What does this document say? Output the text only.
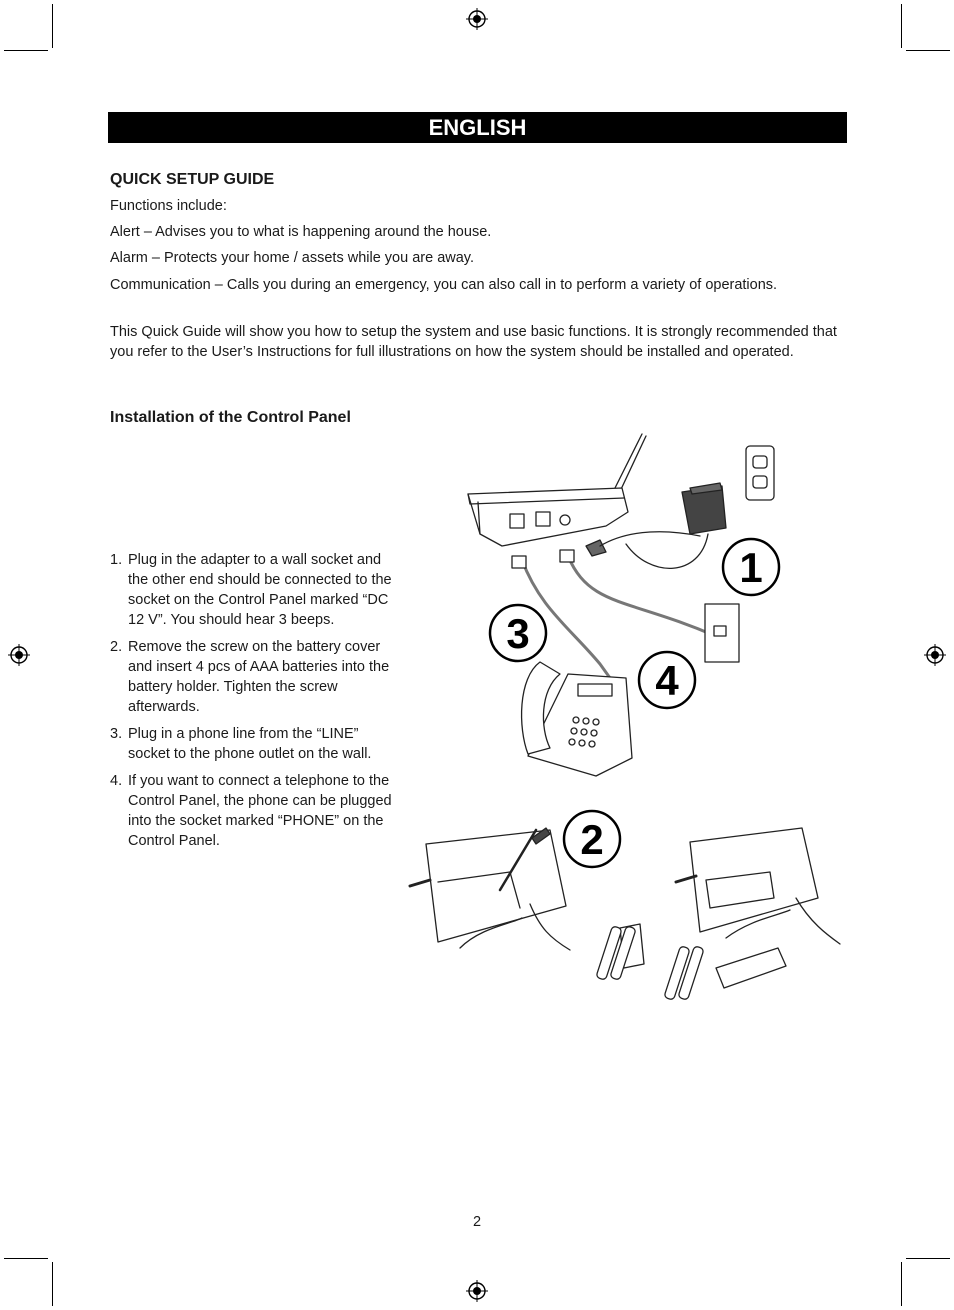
ENGLISH
QUICK SETUP GUIDE

Functions include:

Alert – Advises you to what is happening around the house.

Alarm – Protects your home / assets while you are away.

Communication – Calls you during an emergency, you can also call in to perform a variety of operations.

This Quick Guide will show you how to setup the system and use basic functions. It is strongly recommended that you refer to the User’s Instructions for full illustrations on how the system should be installed and operated.

Installation of the Control Panel
1. Plug in the adapter to a wall socket and the other end should be connected to the socket on the Control Panel marked “DC 12 V”. You should hear 3 beeps.
2. Remove the screw on the battery cover and insert 4 pcs of AAA batteries into the battery holder. Tighten the screw afterwards.
3. Plug in a phone line from the “LINE” socket to the phone outlet on the wall.
4. If you want to connect a telephone to the Control Panel, the phone can be plugged into the socket marked “PHONE” on the Control Panel.
1
2
3
4
2
